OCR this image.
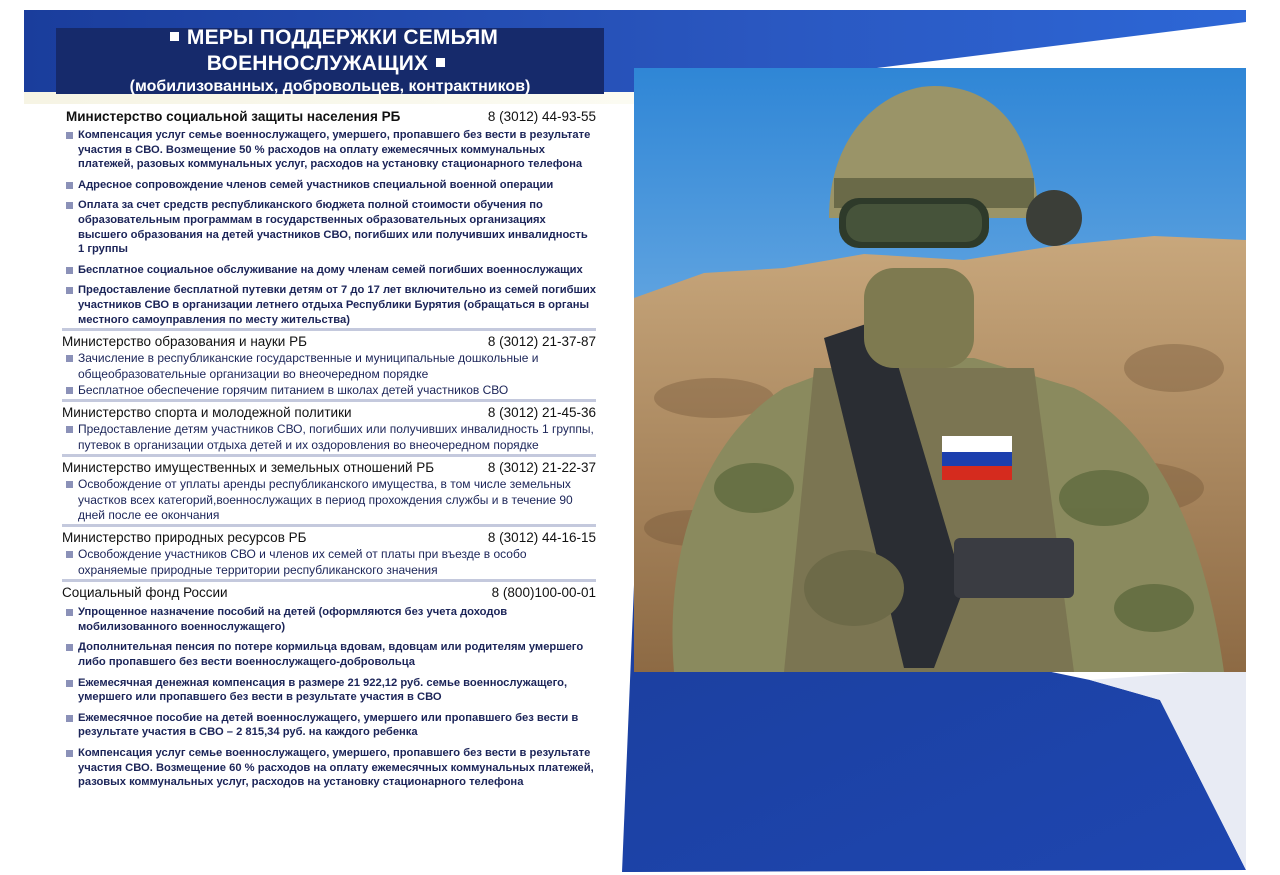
МЕРЫ ПОДДЕРЖКИ СЕМЬЯМ ВОЕННОСЛУЖАЩИХ
(мобилизованных, добровольцев, контрактников)
Министерство социальной защиты населения РБ	8 (3012) 44-93-55
Компенсация услуг семье военнослужащего, умершего, пропавшего без вести в результате участия в СВО. Возмещение 50 % расходов на оплату ежемесячных коммунальных платежей, разовых коммунальных услуг, расходов на установку стационарного телефона
Адресное сопровождение членов семей участников специальной военной операции
Оплата за счет средств республиканского бюджета полной стоимости обучения по образовательным программам в государственных образовательных организациях высшего образования на детей участников СВО, погибших или получивших инвалидность 1 группы
Бесплатное социальное обслуживание на дому членам семей погибших военнослужащих
Предоставление бесплатной путевки детям от 7 до 17 лет включительно из семей погибших участников СВО в организации летнего отдыха Республики Бурятия (обращаться в органы местного самоуправления по месту жительства)
Министерство образования и науки РБ	8 (3012) 21-37-87
Зачисление в республиканские государственные и муниципальные дошкольные и общеобразовательные организации во внеочередном порядке
Бесплатное обеспечение горячим питанием в школах детей участников СВО
Министерство спорта и молодежной политики	8 (3012) 21-45-36
Предоставление детям участников СВО, погибших или получивших инвалидность 1 группы, путевок в организации отдыха детей и их оздоровления во внеочередном порядке
Министерство имущественных и земельных отношений РБ	8 (3012) 21-22-37
Освобождение от уплаты аренды республиканского имущества, в том числе земельных участков всех категорий,военнослужащих в период прохождения службы и в течение 90 дней после ее окончания
Министерство природных ресурсов РБ	8 (3012) 44-16-15
Освобождение участников СВО и членов их семей от платы при въезде в особо охраняемые природные территории республиканского значения
Социальный фонд России	8 (800)100-00-01
Упрощенное назначение пособий на детей (оформляются без учета доходов мобилизованного военнослужащего)
Дополнительная пенсия по потере кормильца вдовам, вдовцам или родителям умершего либо пропавшего без вести военнослужащего-добровольца
Ежемесячная денежная компенсация в размере 21 922,12 руб. семье военнослужащего, умершего или пропавшего без вести в результате участия в СВО
Ежемесячное пособие на детей военнослужащего, умершего или пропавшего без вести в результате участия в СВО – 2 815,34 руб. на каждого ребенка
Компенсация услуг семье военнослужащего, умершего, пропавшего без вести в результате участия СВО. Возмещение 60 % расходов на оплату ежемесячных коммунальных платежей, разовых коммунальных услуг, расходов на установку стационарного телефона
